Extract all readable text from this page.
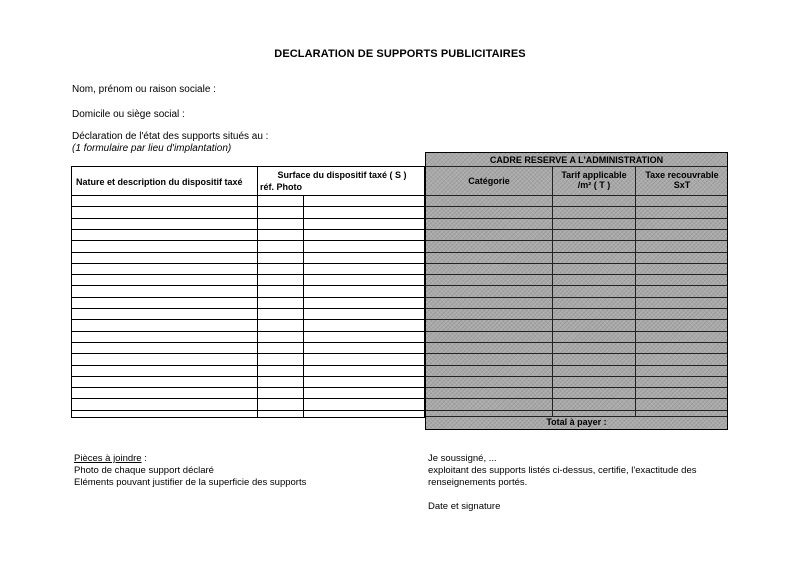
DECLARATION DE SUPPORTS PUBLICITAIRES
Nom, prénom ou raison sociale :
Domicile ou siège social :
Déclaration de l'état des supports situés au :
(1 formulaire par lieu d'implantation)
Nature et description du dispositif taxé
Surface du dispositif taxé ( S )
réf. Photo
CADRE RESERVE A L'ADMINISTRATION
Catégorie
Tarif applicable
/m² ( T )
Taxe recouvrable
SxT
Total à payer :
Pièces à joindre :
Photo de chaque support déclaré
Eléments pouvant justifier de la superficie des supports
Je soussigné, ...
exploitant des supports listés ci-dessus, certifie, l'exactitude des
renseignements portés.
Date et signature
